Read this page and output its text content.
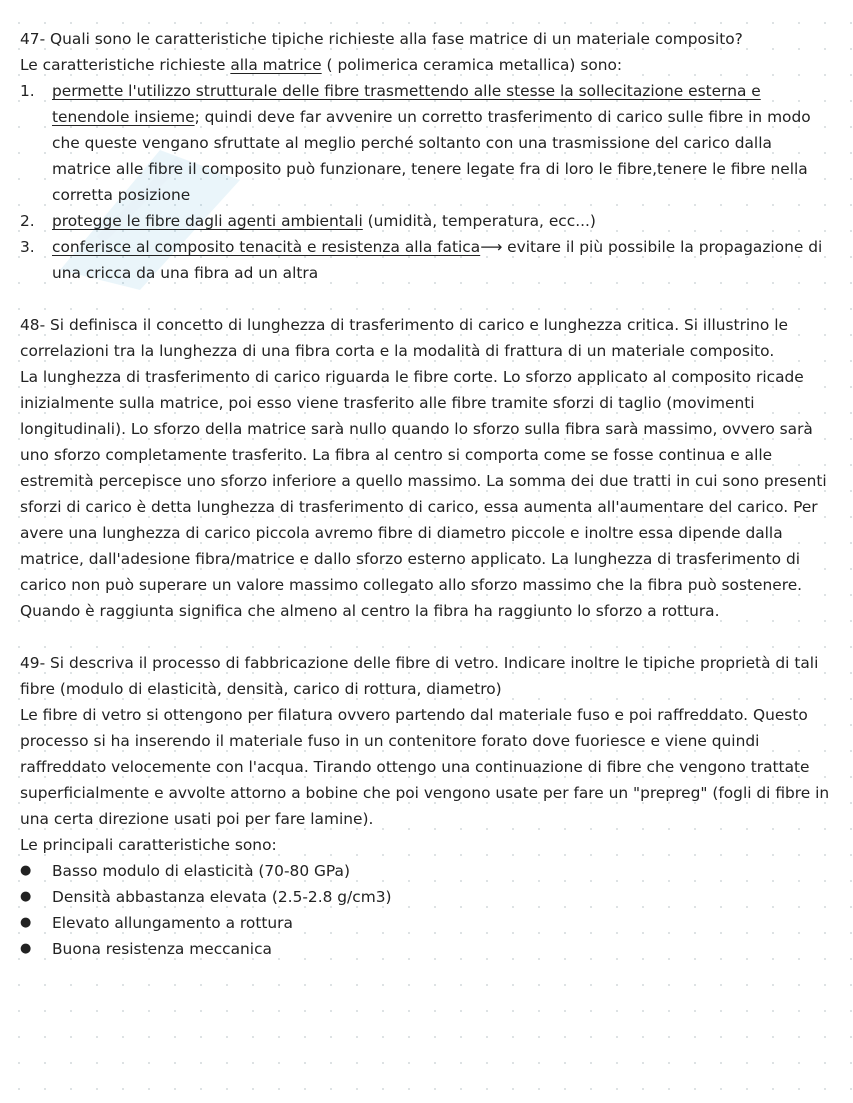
47- Quali sono le caratteristiche tipiche richieste alla fase matrice di un materiale composito?

Le caratteristiche richieste alla matrice ( polimerica ceramica metallica) sono:

1. permette l'utilizzo strutturale delle fibre trasmettendo alle stesse la sollecitazione esterna e tenendole insieme; quindi deve far avvenire un corretto trasferimento di carico sulle fibre in modo che queste vengano sfruttate al meglio perché soltanto con una trasmissione del carico dalla matrice alle fibre il composito può funzionare, tenere legate fra di loro le fibre,tenere le fibre nella corretta posizione
2. protegge le fibre dagli agenti ambientali (umidità, temperatura, ecc...)
3. conferisce al composito tenacità e resistenza alla fatica⟶ evitare il più possibile la propagazione di una cricca da una fibra ad un altra

48- Si definisca il concetto di lunghezza di trasferimento di carico e lunghezza critica. Si illustrino le correlazioni tra la lunghezza di una fibra corta e la modalità di frattura di un materiale composito.

La lunghezza di trasferimento di carico riguarda le fibre corte. Lo sforzo applicato al composito ricade inizialmente sulla matrice, poi esso viene trasferito alle fibre tramite sforzi di taglio (movimenti longitudinali). Lo sforzo della matrice sarà nullo quando lo sforzo sulla fibra sarà massimo, ovvero sarà uno sforzo completamente trasferito. La fibra al centro si comporta come se fosse continua e alle estremità percepisce uno sforzo inferiore a quello massimo. La somma dei due tratti in cui sono presenti sforzi di carico è detta lunghezza di trasferimento di carico, essa aumenta all'aumentare del carico. Per avere una lunghezza di carico piccola avremo fibre di diametro piccole e inoltre essa dipende dalla matrice, dall'adesione fibra/matrice e dallo sforzo esterno applicato. La lunghezza di trasferimento di carico non può superare un valore massimo collegato allo sforzo massimo che la fibra può sostenere. Quando è raggiunta significa che almeno al centro la fibra ha raggiunto lo sforzo a rottura.

49- Si descriva il processo di fabbricazione delle fibre di vetro. Indicare inoltre le tipiche proprietà di tali fibre (modulo di elasticità, densità, carico di rottura, diametro)

Le fibre di vetro si ottengono per filatura ovvero partendo dal materiale fuso e poi raffreddato. Questo processo si ha inserendo il materiale fuso in un contenitore forato dove fuoriesce e viene quindi raffreddato velocemente con l'acqua. Tirando ottengo una continuazione di fibre che vengono trattate superficialmente e avvolte attorno a bobine che poi vengono usate per fare un "prepreg" (fogli di fibre in una certa direzione usati poi per fare lamine).

Le principali caratteristiche sono:

● Basso modulo di elasticità (70-80 GPa)
● Densità abbastanza elevata (2.5-2.8 g/cm3)
● Elevato allungamento a rottura
● Buona resistenza meccanica
